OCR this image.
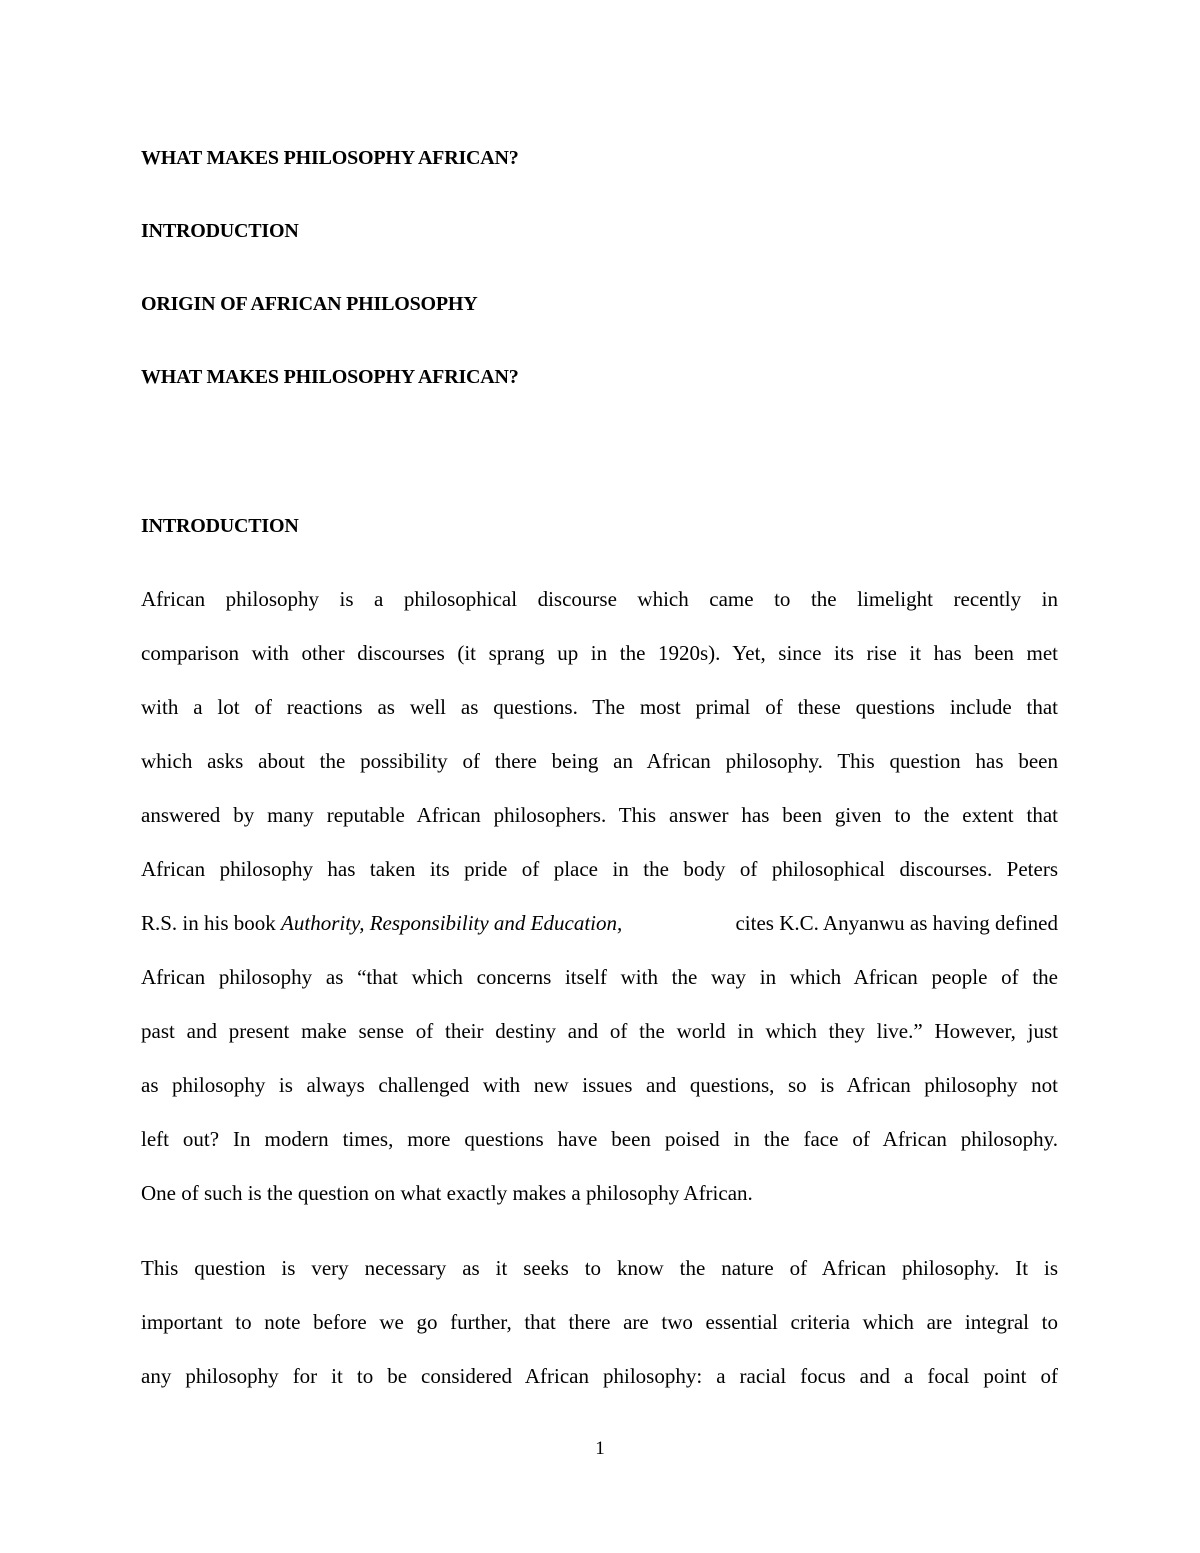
WHAT MAKES PHILOSOPHY AFRICAN?
INTRODUCTION
ORIGIN OF AFRICAN PHILOSOPHY
WHAT MAKES PHILOSOPHY AFRICAN?
INTRODUCTION
African philosophy is a philosophical discourse which came to the limelight recently in
comparison with other discourses (it sprang up in the 1920s). Yet, since its rise it has been met
with a lot of reactions as well as questions. The most primal of these questions include that
which asks about the possibility of there being an African philosophy. This question has been
answered by many reputable African philosophers. This answer has been given to the extent that
African philosophy has taken its pride of place in the body of philosophical discourses. Peters
R.S. in his book Authority, Responsibility and Education,	cites K.C. Anyanwu as having defined
African philosophy as “that which concerns itself with the way in which African people of the
past and present make sense of their destiny and of the world in which they live.” However, just
as philosophy is always challenged with new issues and questions, so is African philosophy not
left out? In modern times, more questions have been poised in the face of African philosophy.
One of such is the question on what exactly makes a philosophy African.
This question is very necessary as it seeks to know the nature of African philosophy. It is
important to note before we go further, that there are two essential criteria which are integral to
any philosophy for it to be considered African philosophy: a racial focus and a focal point of
1
